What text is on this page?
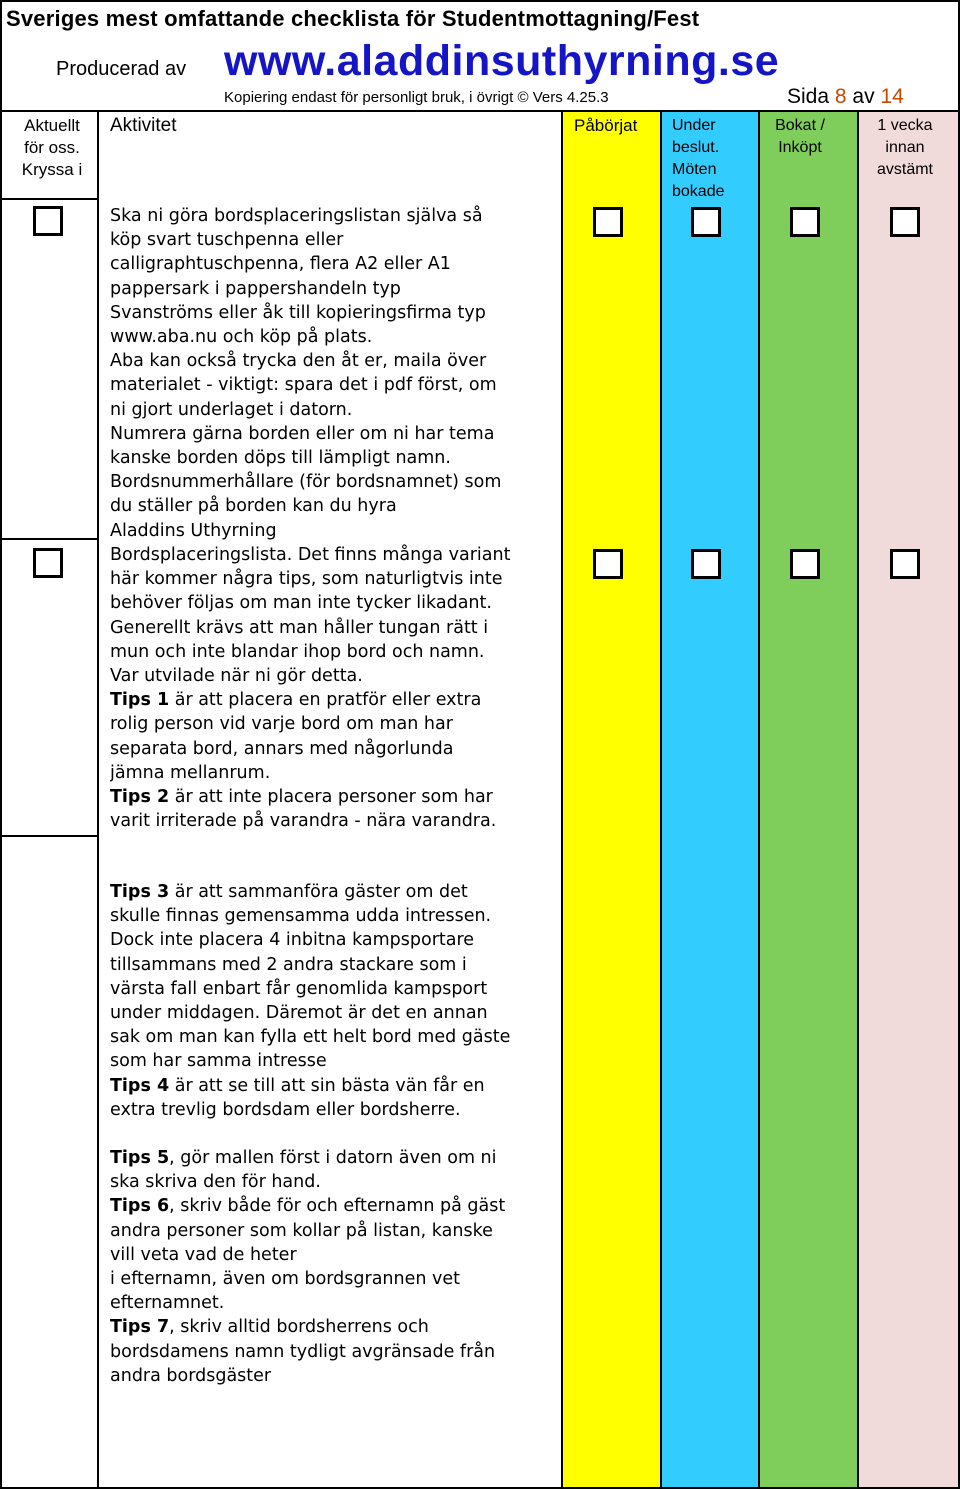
Sveriges mest omfattande checklista för Studentmottagning/Fest
Producerad av www.aladdinsuthyrning.se
Kopiering endast för personligt bruk, i övrigt © Vers 4.25.3	Sida 8 av 14
Aktuellt
för oss.
Kryssa i
Aktivitet	Påbörjat Under
beslut.
Möten
bokade
Bokat /
Inköpt
1 vecka
innan
avstämt

Ska ni göra bordsplaceringslistan själva så

köp svart tuschpenna eller

calligraphtuschpenna, flera A2 eller A1

pappersark i pappershandeln typ

Svanströms eller åk till kopieringsfirma typ

www.aba.nu och köp på plats.

Aba kan också trycka den åt er, maila över

materialet - viktigt: spara det i pdf först, om

ni gjort underlaget i datorn.

Numrera gärna borden eller om ni har tema

kanske borden döps till lämpligt namn.

Bordsnummerhållare (för bordsnamnet) som

du ställer på borden kan du hyra

Aladdins Uthyrning

Bordsplaceringslista. Det finns många variant

här kommer några tips, som naturligtvis inte

behöver följas om man inte tycker likadant.

Generellt krävs att man håller tungan rätt i

mun och inte blandar ihop bord och namn.

Var utvilade när ni gör detta.

Tips 1 är att placera en pratför eller extra

rolig person vid varje bord om man har

separata bord, annars med någorlunda

jämna mellanrum.

Tips 2 är att inte placera personer som har

varit irriterade på varandra - nära varandra.

Tips 3 är att sammanföra gäster om det

skulle finnas gemensamma udda intressen.

Dock inte placera 4 inbitna kampsportare

tillsammans med 2 andra stackare som i

värsta fall enbart får genomlida kampsport

under middagen. Däremot är det en annan

sak om man kan fylla ett helt bord med gäste

som har samma intresse

Tips 4 är att se till att sin bästa vän får en

extra trevlig bordsdam eller bordsherre.

Tips 5, gör mallen först i datorn även om ni

ska skriva den för hand.

Tips 6, skriv både för och efternamn på gäst

andra personer som kollar på listan, kanske

vill veta vad de heter

i efternamn, även om bordsgrannen vet

efternamnet.

Tips 7, skriv alltid bordsherrens och

bordsdamens namn tydligt avgränsade från

andra bordsgäster
